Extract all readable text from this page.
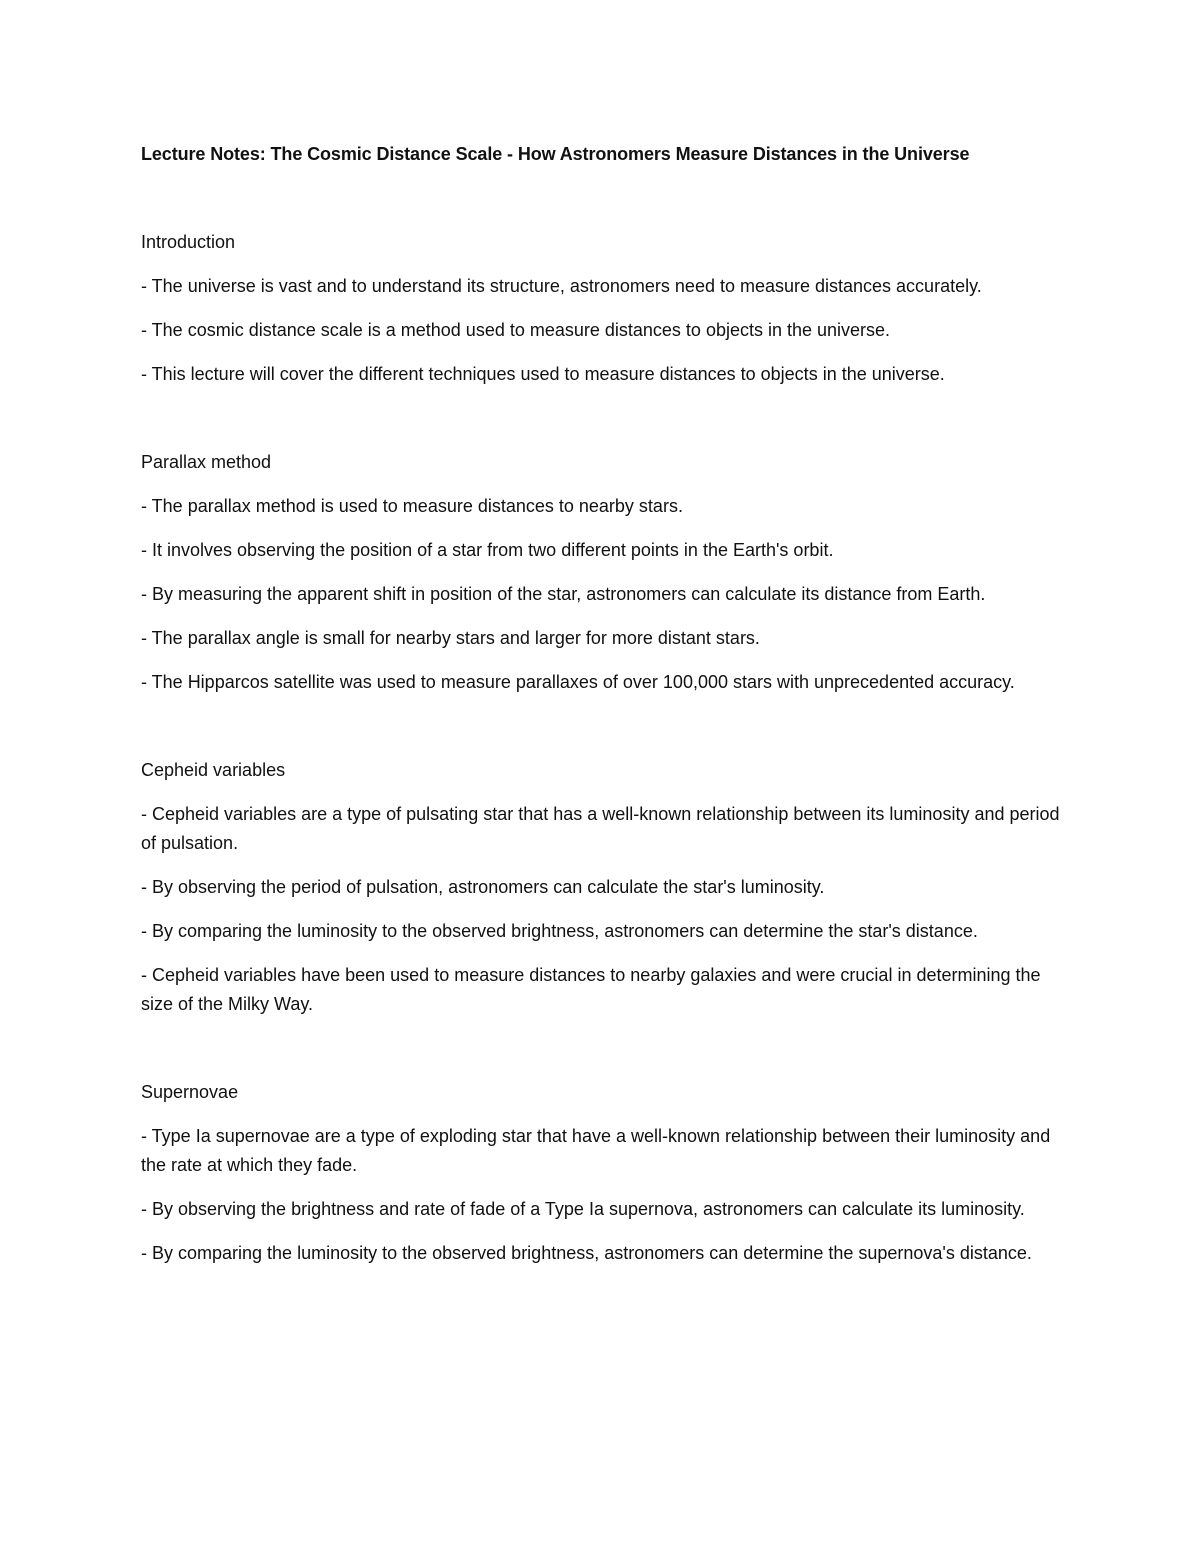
Lecture Notes: The Cosmic Distance Scale - How Astronomers Measure Distances in the Universe
Introduction
- The universe is vast and to understand its structure, astronomers need to measure distances accurately.
- The cosmic distance scale is a method used to measure distances to objects in the universe.
- This lecture will cover the different techniques used to measure distances to objects in the universe.
Parallax method
- The parallax method is used to measure distances to nearby stars.
- It involves observing the position of a star from two different points in the Earth's orbit.
- By measuring the apparent shift in position of the star, astronomers can calculate its distance from Earth.
- The parallax angle is small for nearby stars and larger for more distant stars.
- The Hipparcos satellite was used to measure parallaxes of over 100,000 stars with unprecedented accuracy.
Cepheid variables
- Cepheid variables are a type of pulsating star that has a well-known relationship between its luminosity and period of pulsation.
- By observing the period of pulsation, astronomers can calculate the star's luminosity.
- By comparing the luminosity to the observed brightness, astronomers can determine the star's distance.
- Cepheid variables have been used to measure distances to nearby galaxies and were crucial in determining the size of the Milky Way.
Supernovae
- Type Ia supernovae are a type of exploding star that have a well-known relationship between their luminosity and the rate at which they fade.
- By observing the brightness and rate of fade of a Type Ia supernova, astronomers can calculate its luminosity.
- By comparing the luminosity to the observed brightness, astronomers can determine the supernova's distance.
